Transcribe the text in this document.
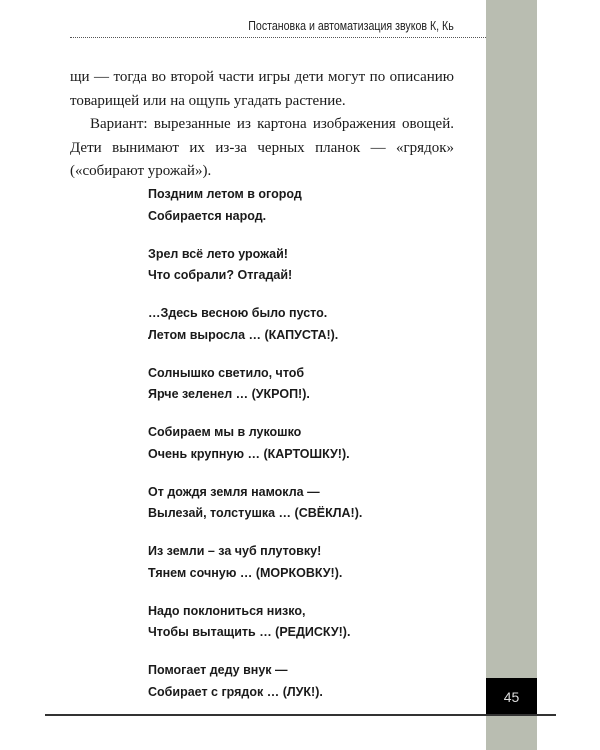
Постановка и автоматизация звуков К, Кь

щи — тогда во второй части игры дети могут по описанию товарищей или на ощупь угадать растение.

Вариант: вырезанные из картона изображения овощей. Дети вынимают их из-за черных планок — «грядок» («собирают урожай»).

Поздним летом в огород
Собирается народ.
Зрел всё лето урожай!
Что собрали? Отгадай!
…Здесь весною было пусто.
Летом выросла … (КАПУСТА!).
Солнышко светило, чтоб
Ярче зеленел … (УКРОП!).
Собираем мы в лукошко
Очень крупную … (КАРТОШКУ!).
От дождя земля намокла —
Вылезай, толстушка … (СВЁКЛА!).
Из земли – за чуб плутовку!
Тянем сочную … (МОРКОВКУ!).
Надо поклониться низко,
Чтобы вытащить … (РЕДИСКУ!).
Помогает деду внук —
Собирает с грядок … (ЛУК!).	45
